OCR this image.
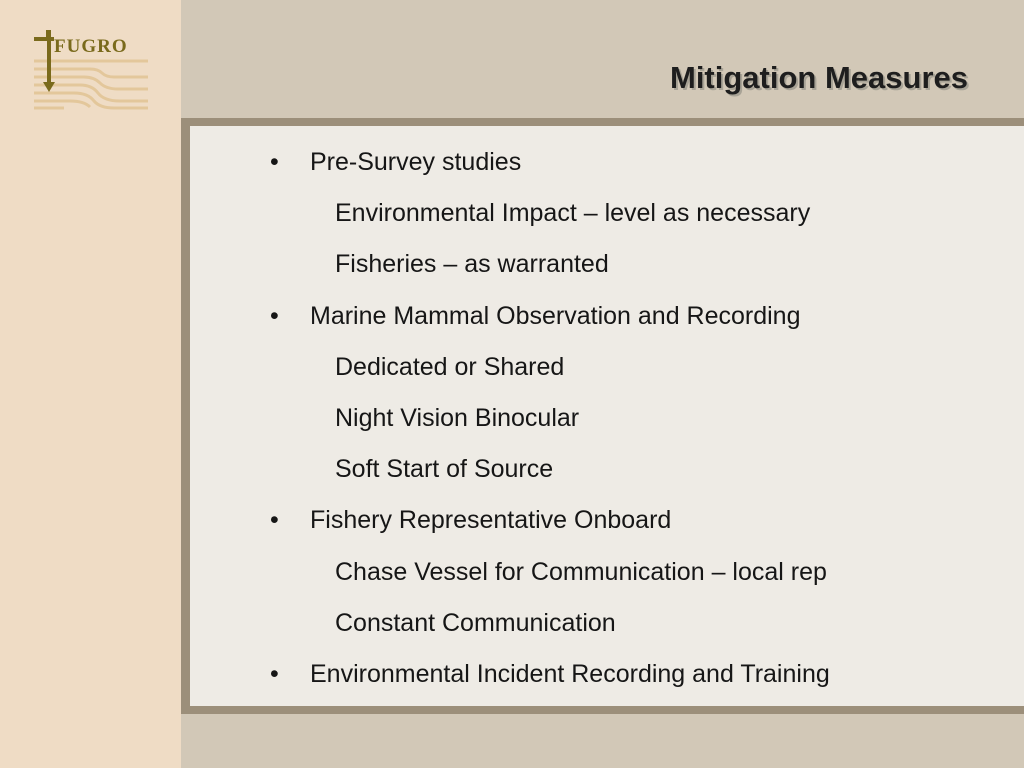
FUGRO
Mitigation Measures
• Pre-Survey studies
Environmental Impact – level as necessary
Fisheries – as warranted
• Marine Mammal Observation and Recording
Dedicated or Shared
Night Vision Binocular
Soft Start of Source
• Fishery Representative Onboard
Chase Vessel for Communication – local rep
Constant Communication
• Environmental Incident Recording and Training
